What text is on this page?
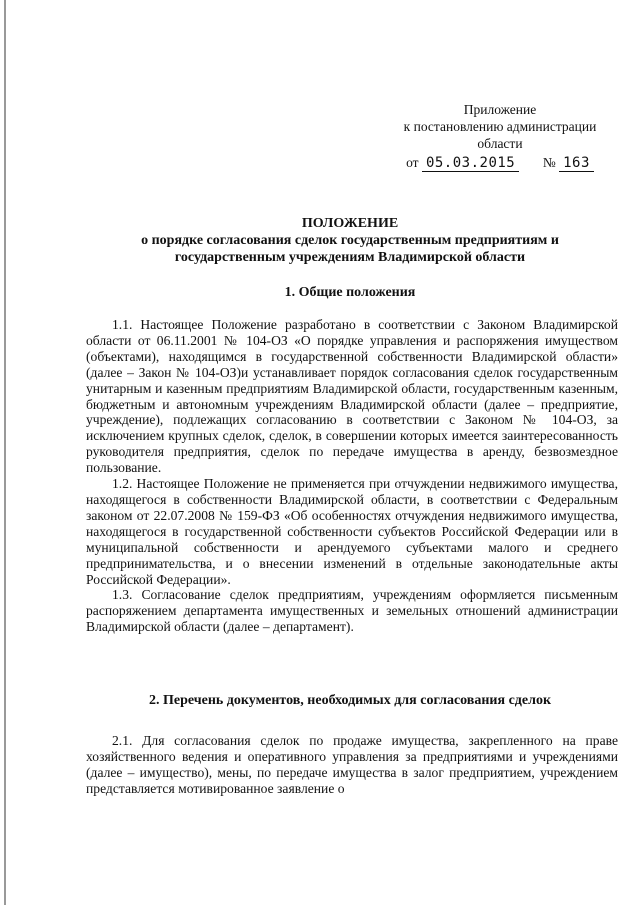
Приложение
к постановлению администрации
области
от 05.03.2015 № 163
ПОЛОЖЕНИЕ
о порядке согласования сделок государственным предприятиям и государственным учреждениям Владимирской области
1. Общие положения

1.1. Настоящее Положение разработано в соответствии с Законом Владимирской области от 06.11.2001 № 104-ОЗ «О порядке управления и распоряжения имуществом (объектами), находящимся в государственной собственности Владимирской области» (далее – Закон № 104-ОЗ)и устанавливает порядок согласования сделок государственным унитарным и казенным предприятиям Владимирской области, государственным казенным, бюджетным и автономным учреждениям Владимирской области (далее – предприятие, учреждение), подлежащих согласованию в соответствии с Законом № 104-ОЗ, за исключением крупных сделок, сделок, в совершении которых имеется заинтересованность руководителя предприятия, сделок по передаче имущества в аренду, безвозмездное пользование.

1.2. Настоящее Положение не применяется при отчуждении недвижимого имущества, находящегося в собственности Владимирской области, в соответствии с Федеральным законом от 22.07.2008 № 159-ФЗ «Об особенностях отчуждения недвижимого имущества, находящегося в государственной собственности субъектов Российской Федерации или в муниципальной собственности и арендуемого субъектами малого и среднего предпринимательства, и о внесении изменений в отдельные законодательные акты Российской Федерации».

1.3. Согласование сделок предприятиям, учреждениям оформляется письменным распоряжением департамента имущественных и земельных отношений администрации Владимирской области (далее – департамент).

2. Перечень документов, необходимых для согласования сделок

2.1. Для согласования сделок по продаже имущества, закрепленного на праве хозяйственного ведения и оперативного управления за предприятиями и учреждениями (далее – имущество), мены, по передаче имущества в залог предприятием, учреждением представляется мотивированное заявление о
